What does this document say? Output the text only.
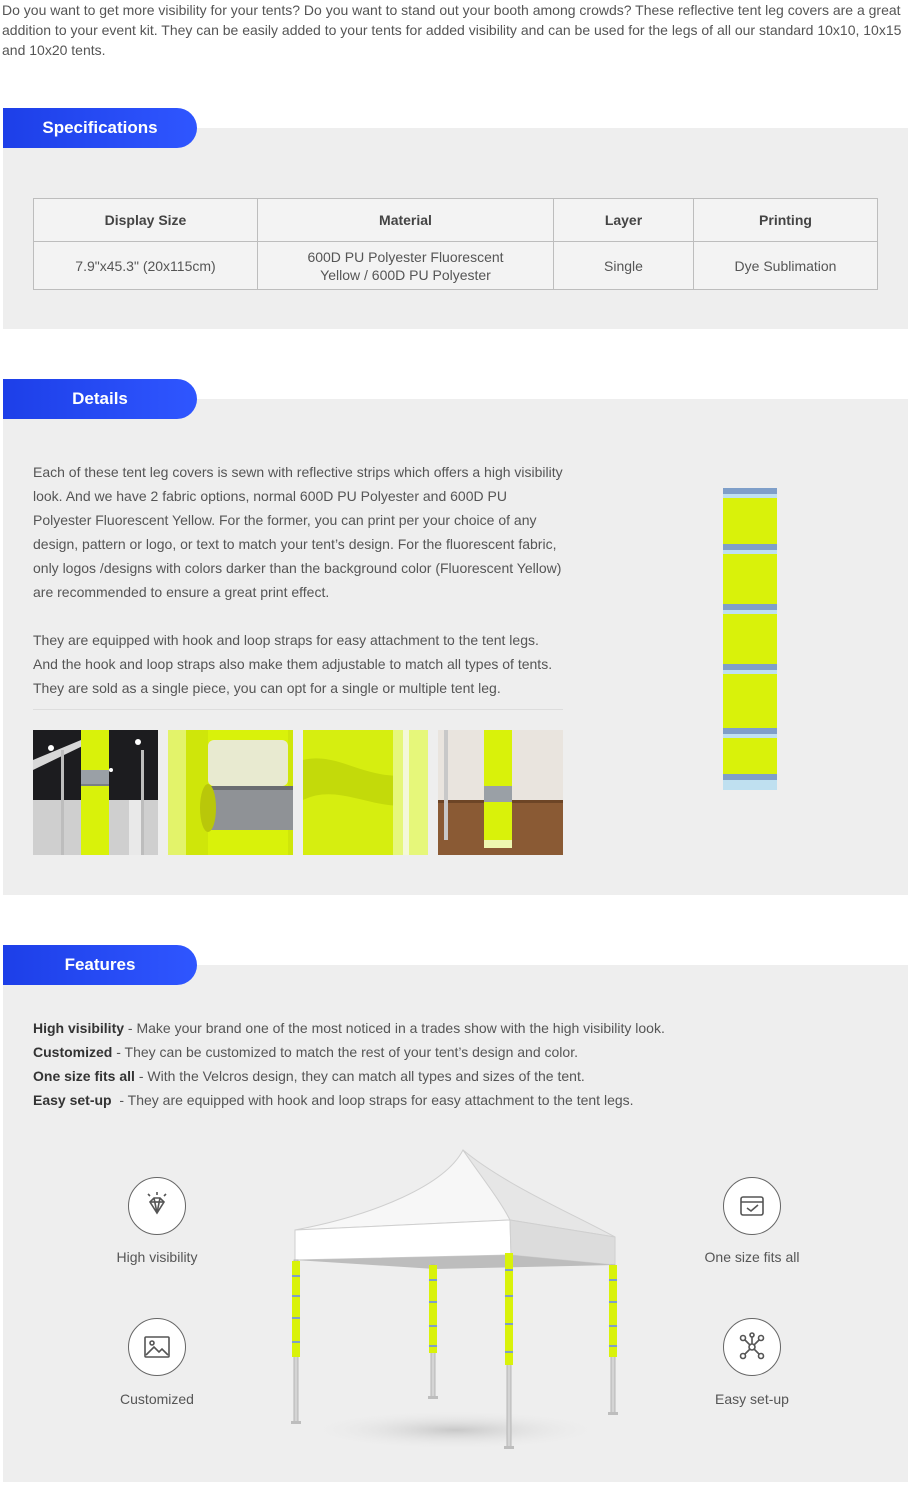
Do you want to get more visibility for your tents? Do you want to stand out your booth among crowds? These reflective tent leg covers are a great addition to your event kit. They can be easily added to your tents for added visibility and can be used for the legs of all our standard 10x10, 10x15 and 10x20 tents.

Specifications
Display Size	Material	Layer	Printing
7.9"x45.3" (20x115cm)	600D PU Polyester Fluorescent Yellow / 600D PU Polyester	Single	Dye Sublimation
Details

Each of these tent leg covers is sewn with reflective strips which offers a high visibility look. And we have 2 fabric options, normal 600D PU Polyester and 600D PU Polyester Fluorescent Yellow. For the former, you can print per your choice of any design, pattern or logo, or text to match your tent’s design. For the fluorescent fabric, only logos /designs with colors darker than the background color (Fluorescent Yellow) are recommended to ensure a great print effect.

They are equipped with hook and loop straps for easy attachment to the tent legs. And the hook and loop straps also make them adjustable to match all types of tents. They are sold as a single piece, you can opt for a single or multiple tent leg.

Features
High visibility - Make your brand one of the most noticed in a trades show with the high visibility look.
Customized - They can be customized to match the rest of your tent’s design and color.
One size fits all - With the Velcros design, they can match all types and sizes of the tent.
Easy set-up  - They are equipped with hook and loop straps for easy attachment to the tent legs.
High visibility
Customized
One size fits all
Easy set-up
